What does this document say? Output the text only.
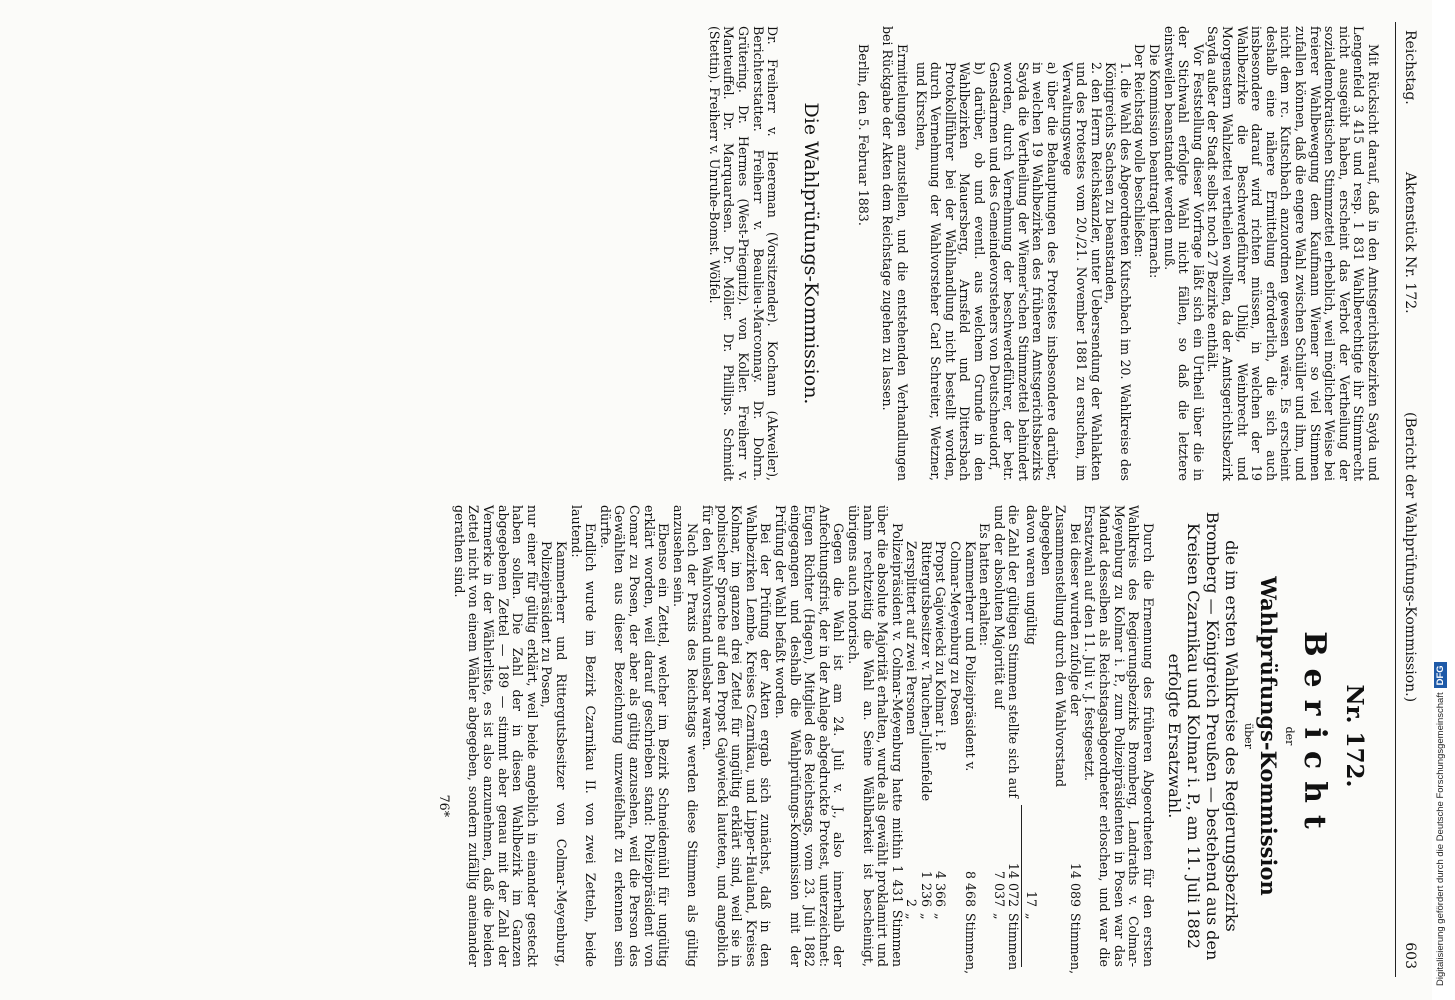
Reichstag.
Aktenstück Nr. 172.
(Bericht der Wahlprüfungs-Kommission.)
603

Mit Rücksicht darauf, daß in den Amtsgerichtsbezirken Sayda und Lengenfeld 3 415 und resp. 1 831 Wahlberechtigte ihr Stimmrecht nicht ausgeübt haben, erscheint das Verbot der Vertheilung der sozialdemokratischen Stimmzettel erheblich, weil möglicher Weise bei freierer Wahlbewegung dem Kaufmann Wiemer so viel Stimmen zufallen können, daß die engere Wahl zwischen Schüller und ihm, und nicht dem rc. Kutschbach anzuordnen gewesen wäre. Es erscheint deshalb eine nähere Ermittelung erforderlich, die sich auch insbesondere darauf wird richten müssen, in welchen der 19 Wahlbezirke die Beschwerdeführer Uhlig, Weinbrecht und Morgenstern Wahlzettel vertheilen wollten, da der Amtsgerichtsbezirk Sayda außer der Stadt selbst noch 27 Bezirke enthält.

Vor Feststellung dieser Vorfrage läßt sich ein Urtheil über die in der Stichwahl erfolgte Wahl nicht fällen, so daß die letztere einstweilen beanstandet werden muß.

Die Kommission beantragt hiernach:

Der Reichstag wolle beschließen:

1. die Wahl des Abgeordneten Kutschbach im 20. Wahlkreise des Königreichs Sachsen zu beanstanden,

2. den Herrn Reichskanzler, unter Uebersendung der Wahlakten und des Protestes vom 20./21. November 1881 zu ersuchen, im Verwaltungswege

a) über die Behauptungen des Protestes insbesondere darüber, in welchen 19 Wahlbezirken des früheren Amtsgerichtsbezirks Sayda die Vertheilung der Wiemer'schen Stimmzettel behindert worden, durch Vernehmung der beschwerdeführer, der betr. Gensdarmen und des Gemeindevorstehers von Deutschneudorf,

b) darüber, ob und eventl. aus welchem Grunde in den Wahlbezirken Mauersberg, Arnsfeld und Dittersbach Protokollführer bei der Wahlhandlung nicht bestellt worden, durch Vernehmung der Wahlvorsteher Carl Schreiter, Wetzner, und Kirschen,

Ermittelungen anzustellen, und die entstehenden Verhandlungen bei Rückgabe der Akten dem Reichstage zugehen zu lassen.

Berlin, den 5. Februar 1883.

Die Wahlprüfungs-Kommission.

Dr. Freiherr v. Heereman (Vorsitzender). Kochann (Akweiler), Berichterstatter. Freiherr v. Beaulieu-Marconnay. Dr. Dohrn. Grütering. Dr. Hermes (West-Priegnitz). von Koller. Freiherr v. Manteuffel. Dr. Marquardsen. Dr. Möller. Dr. Phillips. Schmidt (Stettin). Freiherr v. Unruhe-Bomst. Wölfel.

Nr. 172.
Bericht
der
Wahlprüfungs-Kommission
über
die im ersten Wahlkreise des Regierungsbezirks Bromberg — Königreich Preußen — bestehend aus den Kreisen Czarnikau und Kolmar i. P., am 11. Juli 1882 erfolgte Ersatzwahl.

Durch die Ernennung des früheren Abgeordneten für den ersten Wahlkreis des Regierungsbezirks Bromberg, Landraths v. Colmar-Meyenburg zu Kolmar i. P., zum Polizeipräsidenten in Posen war das Mandat desselben als Reichstagsabgeordneter erloschen, und war die Ersatzwahl auf den 11. Juli v. J. festgesetzt.

Bei dieser wurden zufolge der Zusammenstellung durch den Wahlvorstand abgegeben
14 089
Stimmen,
davon waren ungültig
17
„
die Zahl der gültigen Stimmen stellte sich auf
14 072
Stimmen
und der absoluten Majorität auf
7 037
„

Es hatten erhalten:

Kammerherr und Polizeipräsident v. Colmar-Meyenburg zu Posen
8 468
Stimmen,
Propst Gajowiecki zu Kolmar i. P.
4 366
„
Rittergutsbesitzer v. Tauchen-Julienfelde
1 236
„
Zersplittert auf zwei Personen
2
„

Polizeipräsident v. Colmar-Meyenburg hatte mithin 1 431 Stimmen über die absolute Majorität erhalten, wurde als gewählt proklamirt und nahm rechtzeitig die Wahl an. Seine Wählbarkeit ist bescheinigt, übrigens auch notorisch.

Gegen die Wahl ist am 24. Juli v. J., also innerhalb der Anfechtungsfrist, der in der Anlage abgedruckte Protest, unterzeichnet: Eugen Richter (Hagen), Mitglied des Reichstags, vom 23. Juli 1882 eingegangen und deshalb die Wahlprüfungs-Kommission mit der Prüfung der Wahl befaßt worden.

Bei der Prüfung der Akten ergab sich zunächst, daß in den Wahlbezirken Lembe, Kreises Czarnikau, und Lipper-Hauland, Kreises Kolmar, im ganzen drei Zettel für ungültig erklärt sind, weil sie in polnischer Sprache auf den Propst Gajowiecki lauteten, und angeblich für den Wahlvorstand unlesbar waren.

Nach der Praxis des Reichstags werden diese Stimmen als gültig anzusehen sein.

Ebenso ein Zettel, welcher im Bezirk Schneidemühl für ungültig erklärt worden, weil darauf geschrieben stand: Polizeipräsident von Comar zu Posen, der aber als gültig anzusehen, weil die Person des Gewählten aus dieser Bezeichnung unzweifelhaft zu erkennen sein dürfte.

Endlich wurde im Bezirk Czarnikau II. von zwei Zetteln, beide lautend:

Kammerherr und Rittergutsbesitzer von Colmar-Meyenburg, Polizeipräsident zu Posen,

nur einer für gültig erklärt, weil beide angeblich in einander gesteckt haben sollen. Die Zahl der in diesen Wahlbezirk im Ganzen abgegebenen Zettel — 189 — stimmt aber genau mit der Zahl der Vermerke in der Wählerliste, es ist also anzunehmen, daß die beiden Zettel nicht von einem Wähler abgegeben, sondern zufällig aneinander gerathen sind.

76*	Digitalisierung gefördert durch die Deutsche ForschungsgemeinschaftDFG
